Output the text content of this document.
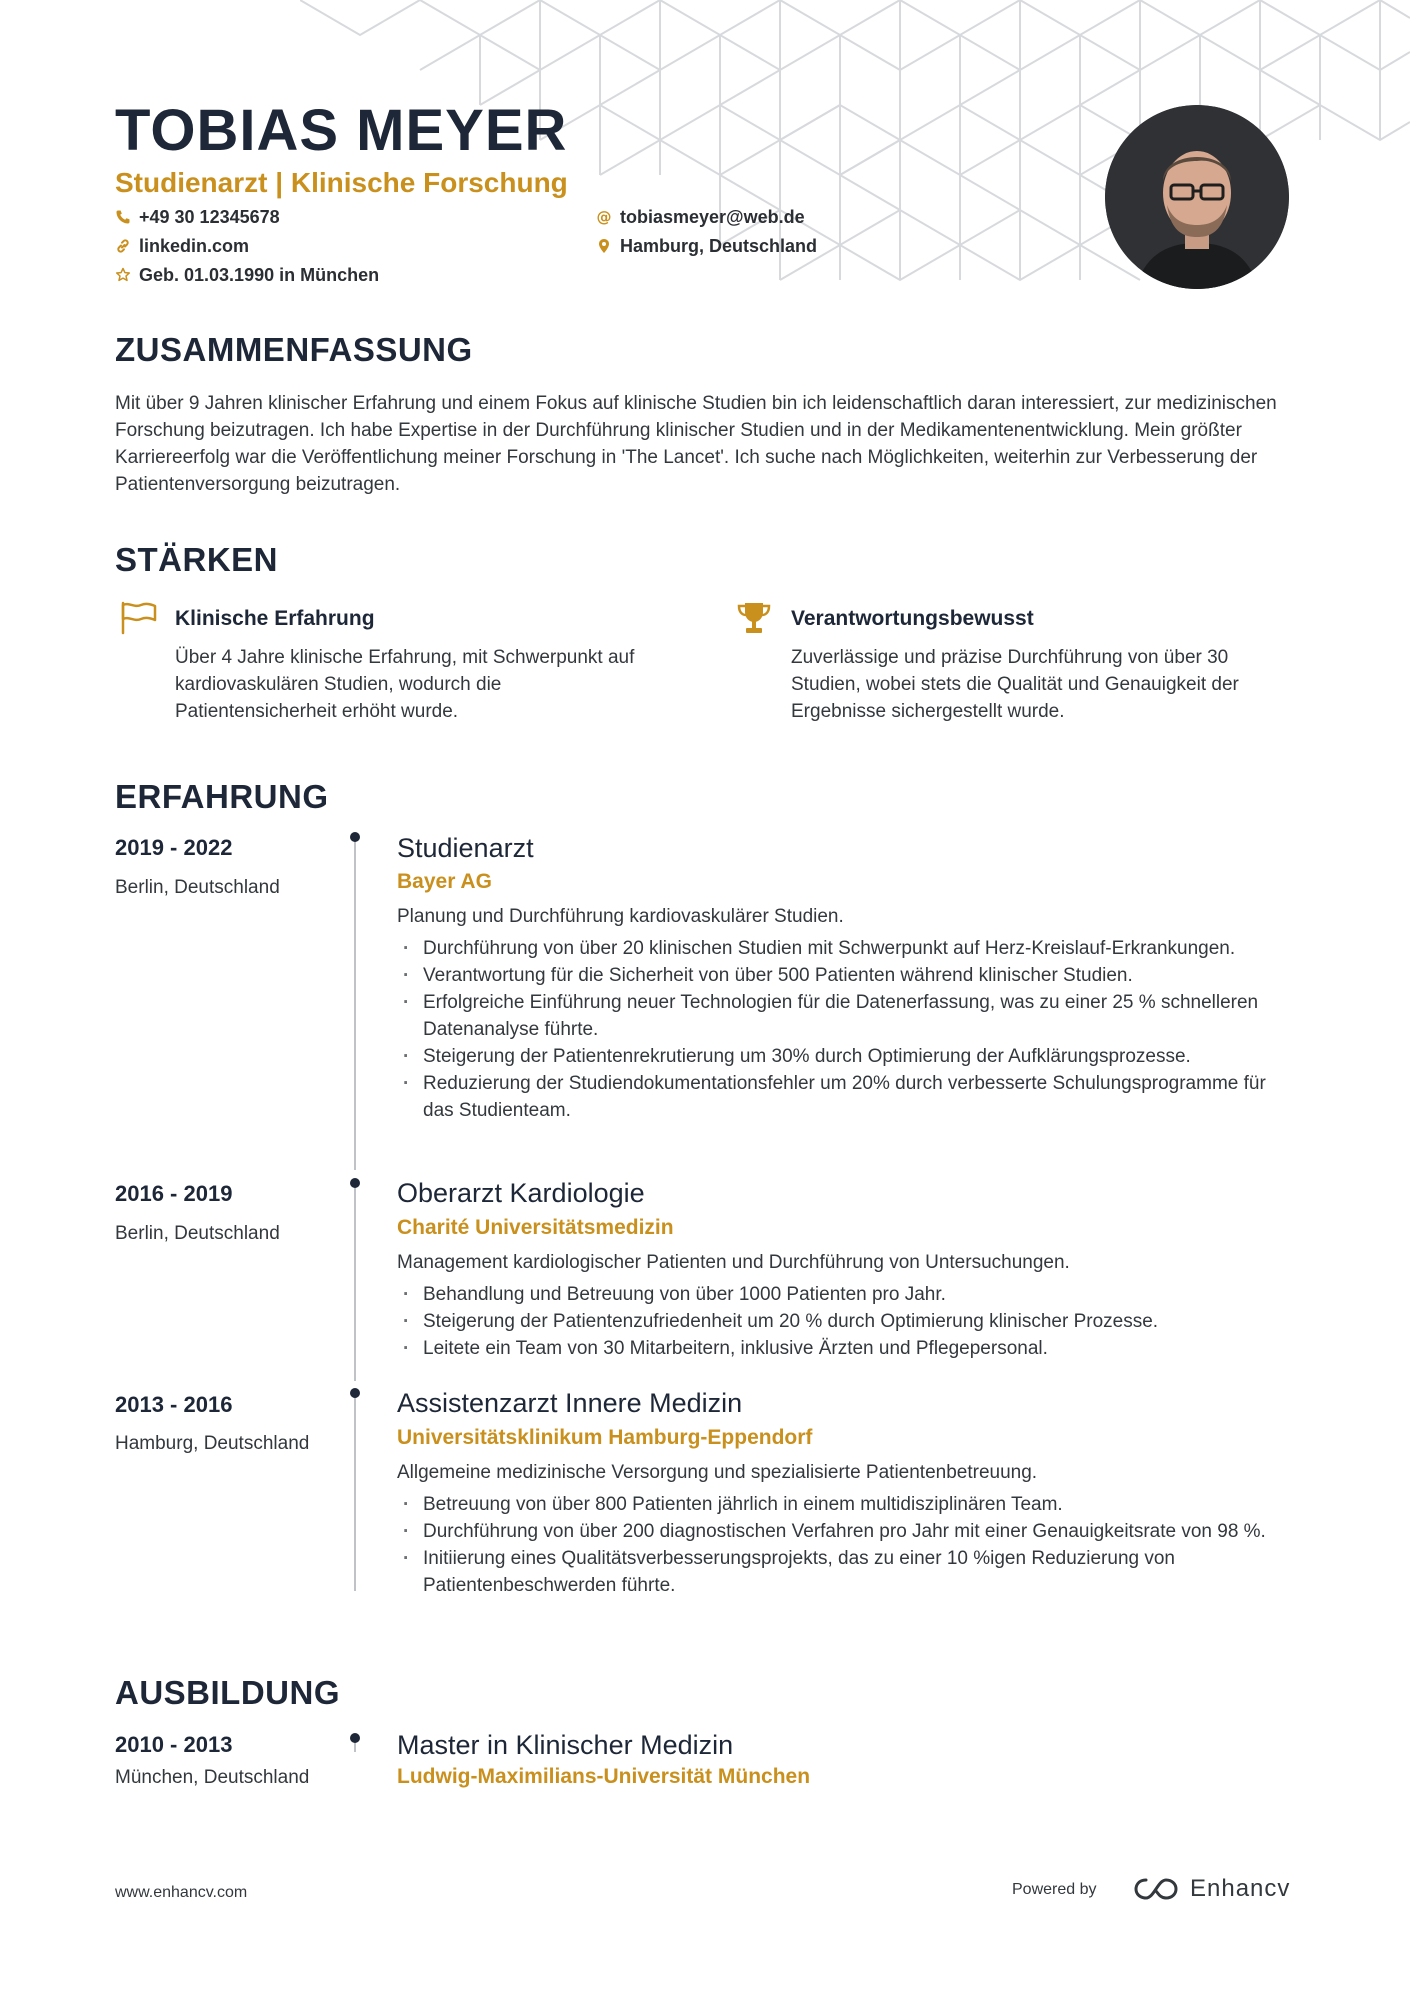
TOBIAS MEYER
Studienarzt | Klinische Forschung
+49 30 12345678
linkedin.com
Geb. 01.03.1990 in München
@ tobiasmeyer@web.de
Hamburg, Deutschland
ZUSAMMENFASSUNG

Mit über 9 Jahren klinischer Erfahrung und einem Fokus auf klinische Studien bin ich leidenschaftlich daran interessiert, zur medizinischen Forschung beizutragen. Ich habe Expertise in der Durchführung klinischer Studien und in der Medikamentenentwicklung. Mein größter Karriereerfolg war die Veröffentlichung meiner Forschung in 'The Lancet'. Ich suche nach Möglichkeiten, weiterhin zur Verbesserung der Patientenversorgung beizutragen.

STÄRKEN
Klinische Erfahrung

Über 4 Jahre klinische Erfahrung, mit Schwerpunkt auf kardiovaskulären Studien, wodurch die Patientensicherheit erhöht wurde.

Verantwortungsbewusst

Zuverlässige und präzise Durchführung von über 30 Studien, wobei stets die Qualität und Genauigkeit der Ergebnisse sichergestellt wurde.

ERFAHRUNG
2019 - 2022
Berlin, Deutschland
Studienarzt
Bayer AG

Planung und Durchführung kardiovaskulärer Studien.

· Durchführung von über 20 klinischen Studien mit Schwerpunkt auf Herz-Kreislauf-Erkrankungen.
· Verantwortung für die Sicherheit von über 500 Patienten während klinischer Studien.
· Erfolgreiche Einführung neuer Technologien für die Datenerfassung, was zu einer 25 % schnelleren Datenanalyse führte.
· Steigerung der Patientenrekrutierung um 30% durch Optimierung der Aufklärungsprozesse.
· Reduzierung der Studiendokumentationsfehler um 20% durch verbesserte Schulungsprogramme für das Studienteam.
2016 - 2019
Berlin, Deutschland
Oberarzt Kardiologie
Charité Universitätsmedizin

Management kardiologischer Patienten und Durchführung von Untersuchungen.

· Behandlung und Betreuung von über 1000 Patienten pro Jahr.
· Steigerung der Patientenzufriedenheit um 20 % durch Optimierung klinischer Prozesse.
· Leitete ein Team von 30 Mitarbeitern, inklusive Ärzten und Pflegepersonal.
2013 - 2016
Hamburg, Deutschland
Assistenzarzt Innere Medizin
Universitätsklinikum Hamburg-Eppendorf

Allgemeine medizinische Versorgung und spezialisierte Patientenbetreuung.

· Betreuung von über 800 Patienten jährlich in einem multidisziplinären Team.
· Durchführung von über 200 diagnostischen Verfahren pro Jahr mit einer Genauigkeitsrate von 98 %.
· Initiierung eines Qualitätsverbesserungsprojekts, das zu einer 10 %igen Reduzierung von Patientenbeschwerden führte.
AUSBILDUNG
2010 - 2013
München, Deutschland
Master in Klinischer Medizin
Ludwig-Maximilians-Universität München
www.enhancv.com	Powered by	Enhancv
